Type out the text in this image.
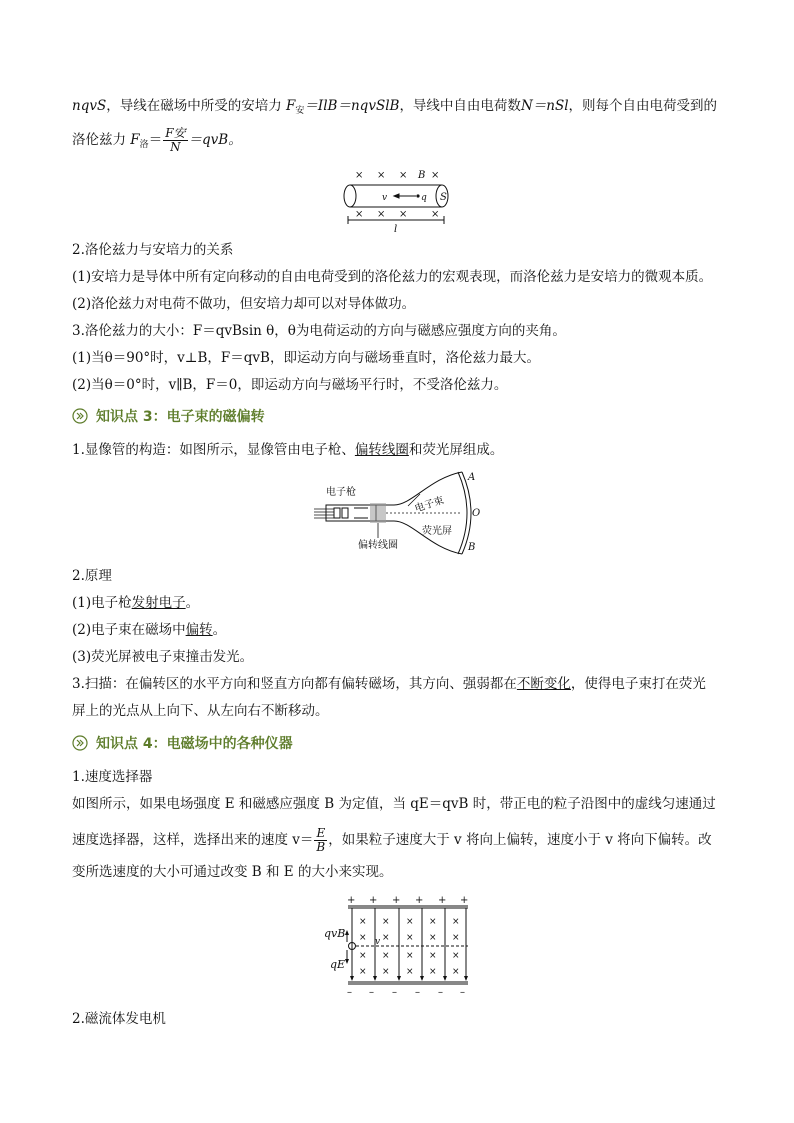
nqvS，导线在磁场中所受的安培力 $F_安=IlB=nqvSlB$，导线中自由电荷数N＝nSl，则每个自由电荷受到的
洛伦兹力 $F_洛= \frac{\text{F安}}{N} =qvB$。
× × × ×
× × × ×
B
v	q S
l
2.洛伦兹力与安培力的关系
(1)安培力是导体中所有定向移动的自由电荷受到的洛伦兹力的宏观表现，而洛伦兹力是安培力的微观本质。
(2)洛伦兹力对电荷不做功，但安培力却可以对导体做功。
3.洛伦兹力的大小：F＝qvBsin θ，θ为电荷运动的方向与磁感应强度方向的夹角。
(1)当θ＝90°时，v⊥B，F＝qvB，即运动方向与磁场垂直时，洛伦兹力最大。
(2)当θ＝0°时，v∥B，F＝0，即运动方向与磁场平行时，不受洛伦兹力。
知识点 3：电子束的磁偏转
1.显像管的构造：如图所示，显像管由电子枪、偏转线圈和荧光屏组成。
电子枪
电子束
荧光屏
偏转线圈
A
O
B
2.原理
(1)电子枪发射电子。
(2)电子束在磁场中偏转。
(3)荧光屏被电子束撞击发光。
3.扫描：在偏转区的水平方向和竖直方向都有偏转磁场，其方向、强弱都在不断变化，使得电子束打在荧光
屏上的光点从上向下、从左向右不断移动。
知识点 4：电磁场中的各种仪器
1.速度选择器
如图所示，如果电场强度 E 和磁感应强度 B 为定值，当 qE＝qvB 时，带正电的粒子沿图中的虚线匀速通过
速度选择器，这样，选择出来的速度 $v= \frac{E}{B}$ ，如果粒子速度大于 v 将向上偏转，速度小于 v 将向下偏转。改
变所选速度的大小可通过改变 B 和 E 的大小来实现。
+ + + + + +
– – – – – –
× × × × ×
× × × × ×
× × × × ×
× × × × ×
qvB
qE
v
2.磁流体发电机
